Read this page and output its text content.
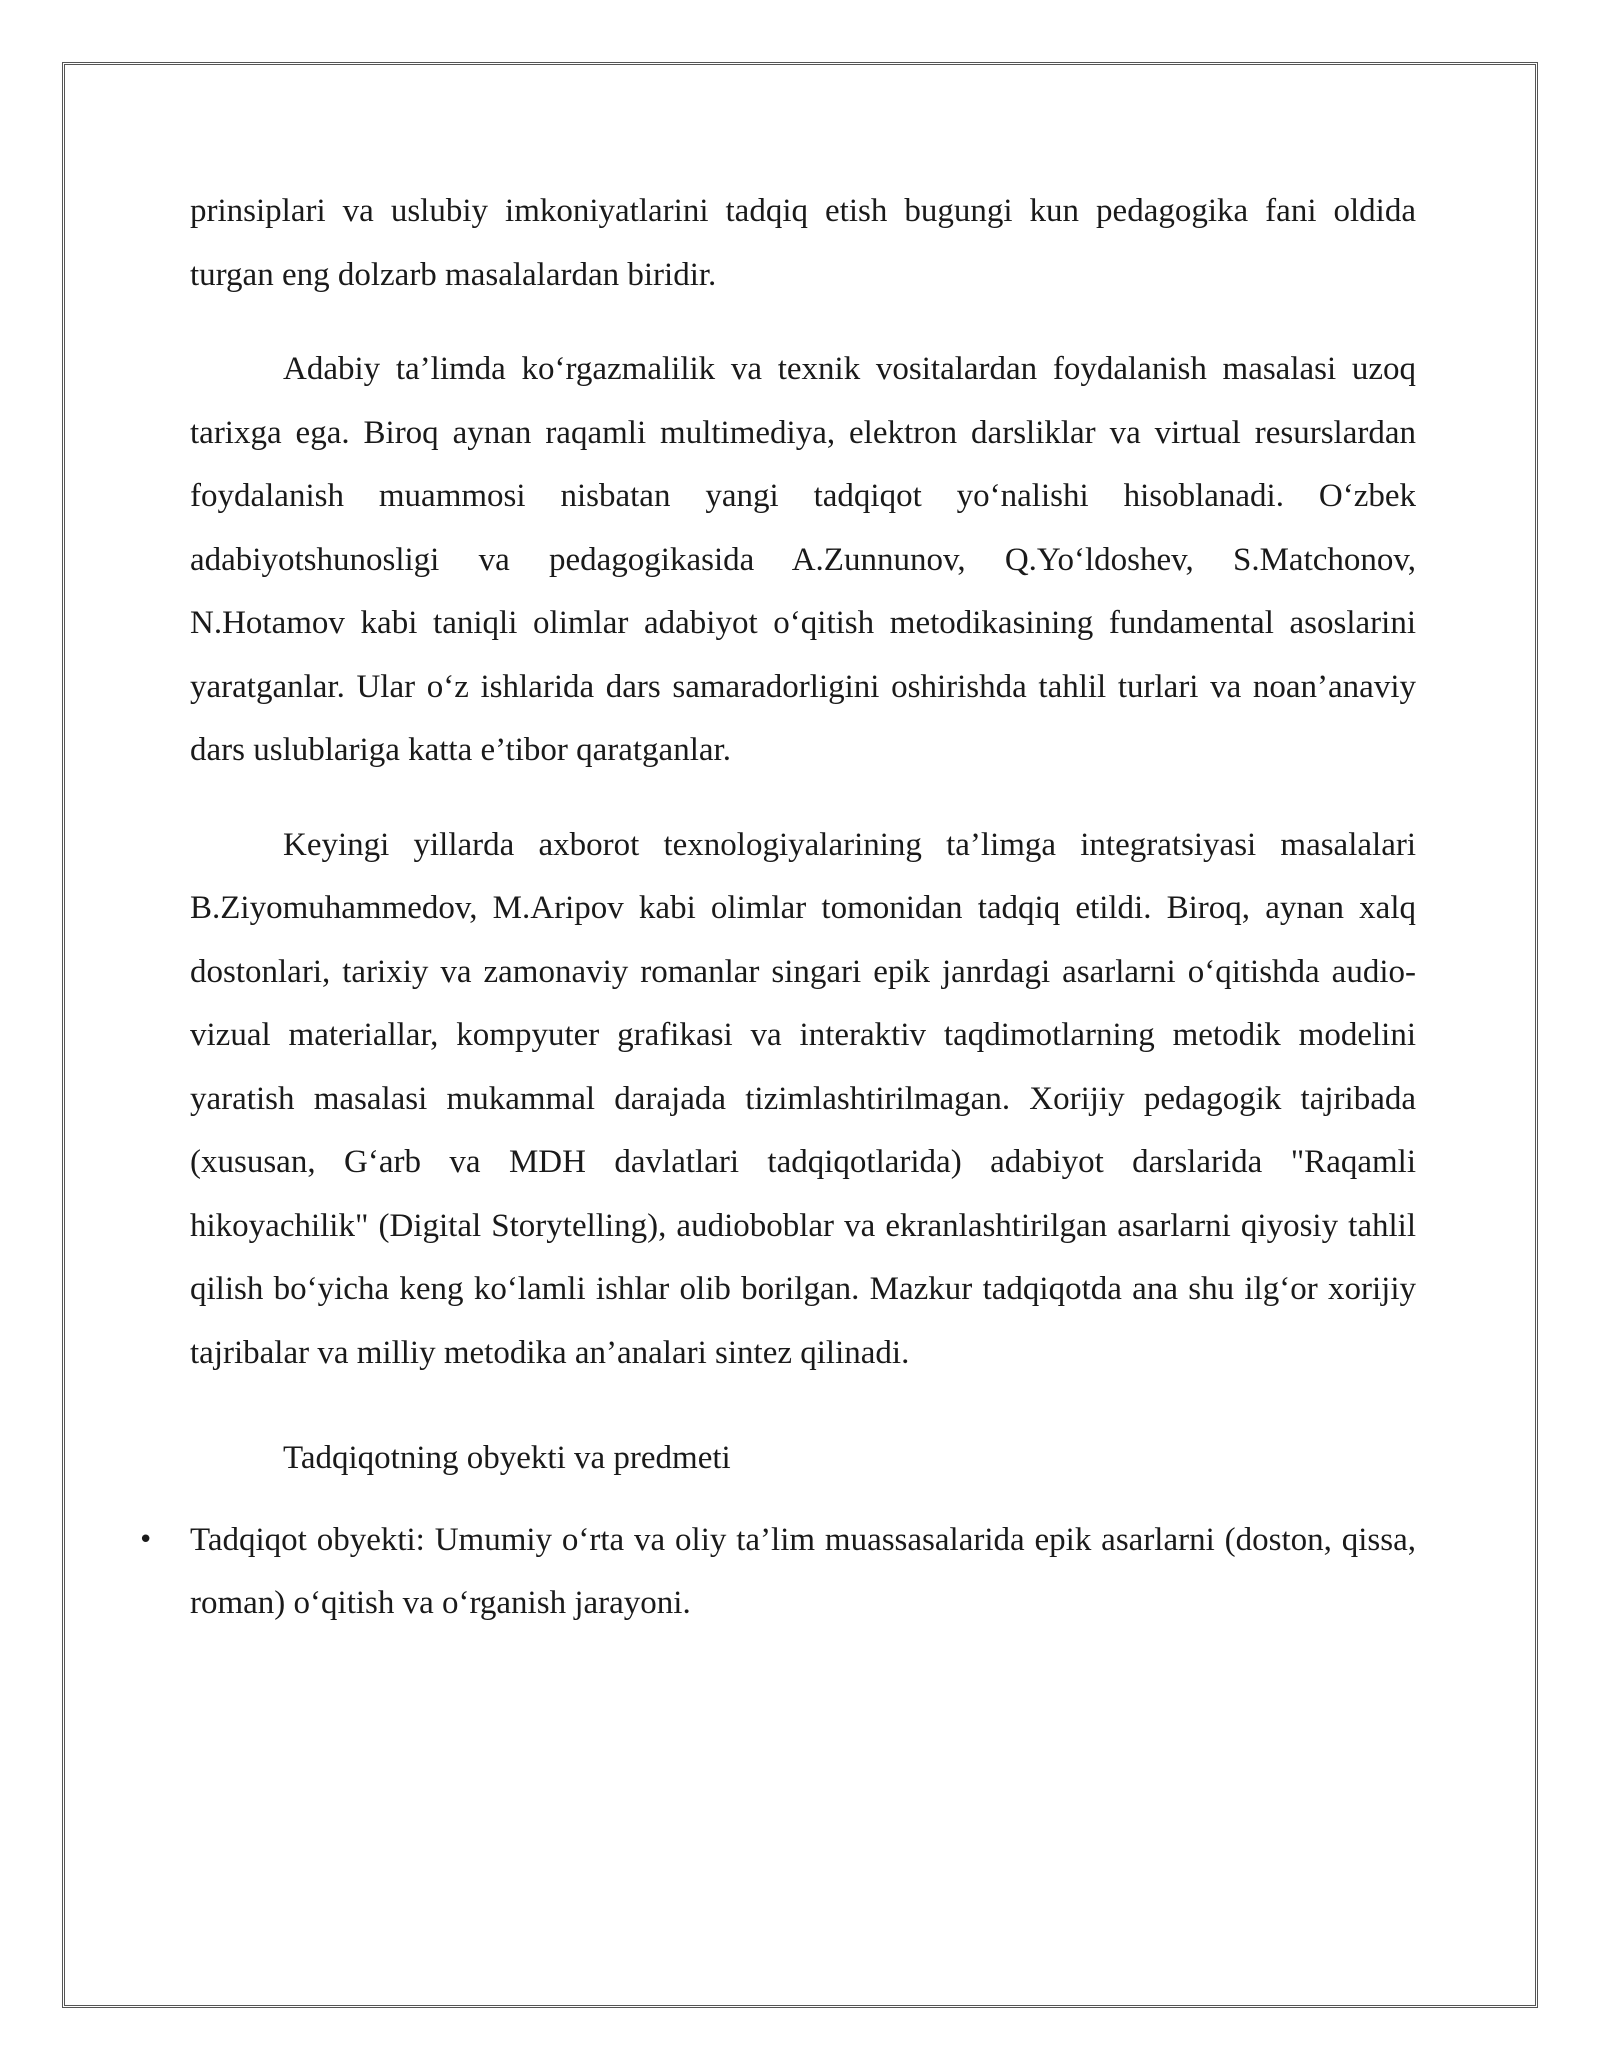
prinsiplari va uslubiy imkoniyatlarini tadqiq etish bugungi kun pedagogika fani oldida turgan eng dolzarb masalalardan biridir.

Adabiy ta’limda ko‘rgazmalilik va texnik vositalardan foydalanish masalasi uzoq tarixga ega. Biroq aynan raqamli multimediya, elektron darsliklar va virtual resurslardan foydalanish muammosi nisbatan yangi tadqiqot yo‘nalishi hisoblanadi. O‘zbek adabiyotshunosligi va pedagogikasida A.Zunnunov, Q.Yo‘ldoshev, S.Matchonov, N.Hotamov kabi taniqli olimlar adabiyot o‘qitish metodikasining fundamental asoslarini yaratganlar. Ular o‘z ishlarida dars samaradorligini oshirishda tahlil turlari va noan’anaviy dars uslublariga katta e’tibor qaratganlar.

Keyingi yillarda axborot texnologiyalarining ta’limga integratsiyasi masalalari B.Ziyomuhammedov, M.Aripov kabi olimlar tomonidan tadqiq etildi. Biroq, aynan xalq dostonlari, tarixiy va zamonaviy romanlar singari epik janrdagi asarlarni o‘qitishda audio-vizual materiallar, kompyuter grafikasi va interaktiv taqdimotlarning metodik modelini yaratish masalasi mukammal darajada tizimlashtirilmagan. Xorijiy pedagogik tajribada (xususan, G‘arb va MDH davlatlari tadqiqotlarida) adabiyot darslarida "Raqamli hikoyachilik" (Digital Storytelling), audioboblar va ekranlashtirilgan asarlarni qiyosiy tahlil qilish bo‘yicha keng ko‘lamli ishlar olib borilgan. Mazkur tadqiqotda ana shu ilg‘or xorijiy tajribalar va milliy metodika an’analari sintez qilinadi.

Tadqiqotning obyekti va predmeti

• Tadqiqot obyekti: Umumiy o‘rta va oliy ta’lim muassasalarida epik asarlarni (doston, qissa, roman) o‘qitish va o‘rganish jarayoni.
